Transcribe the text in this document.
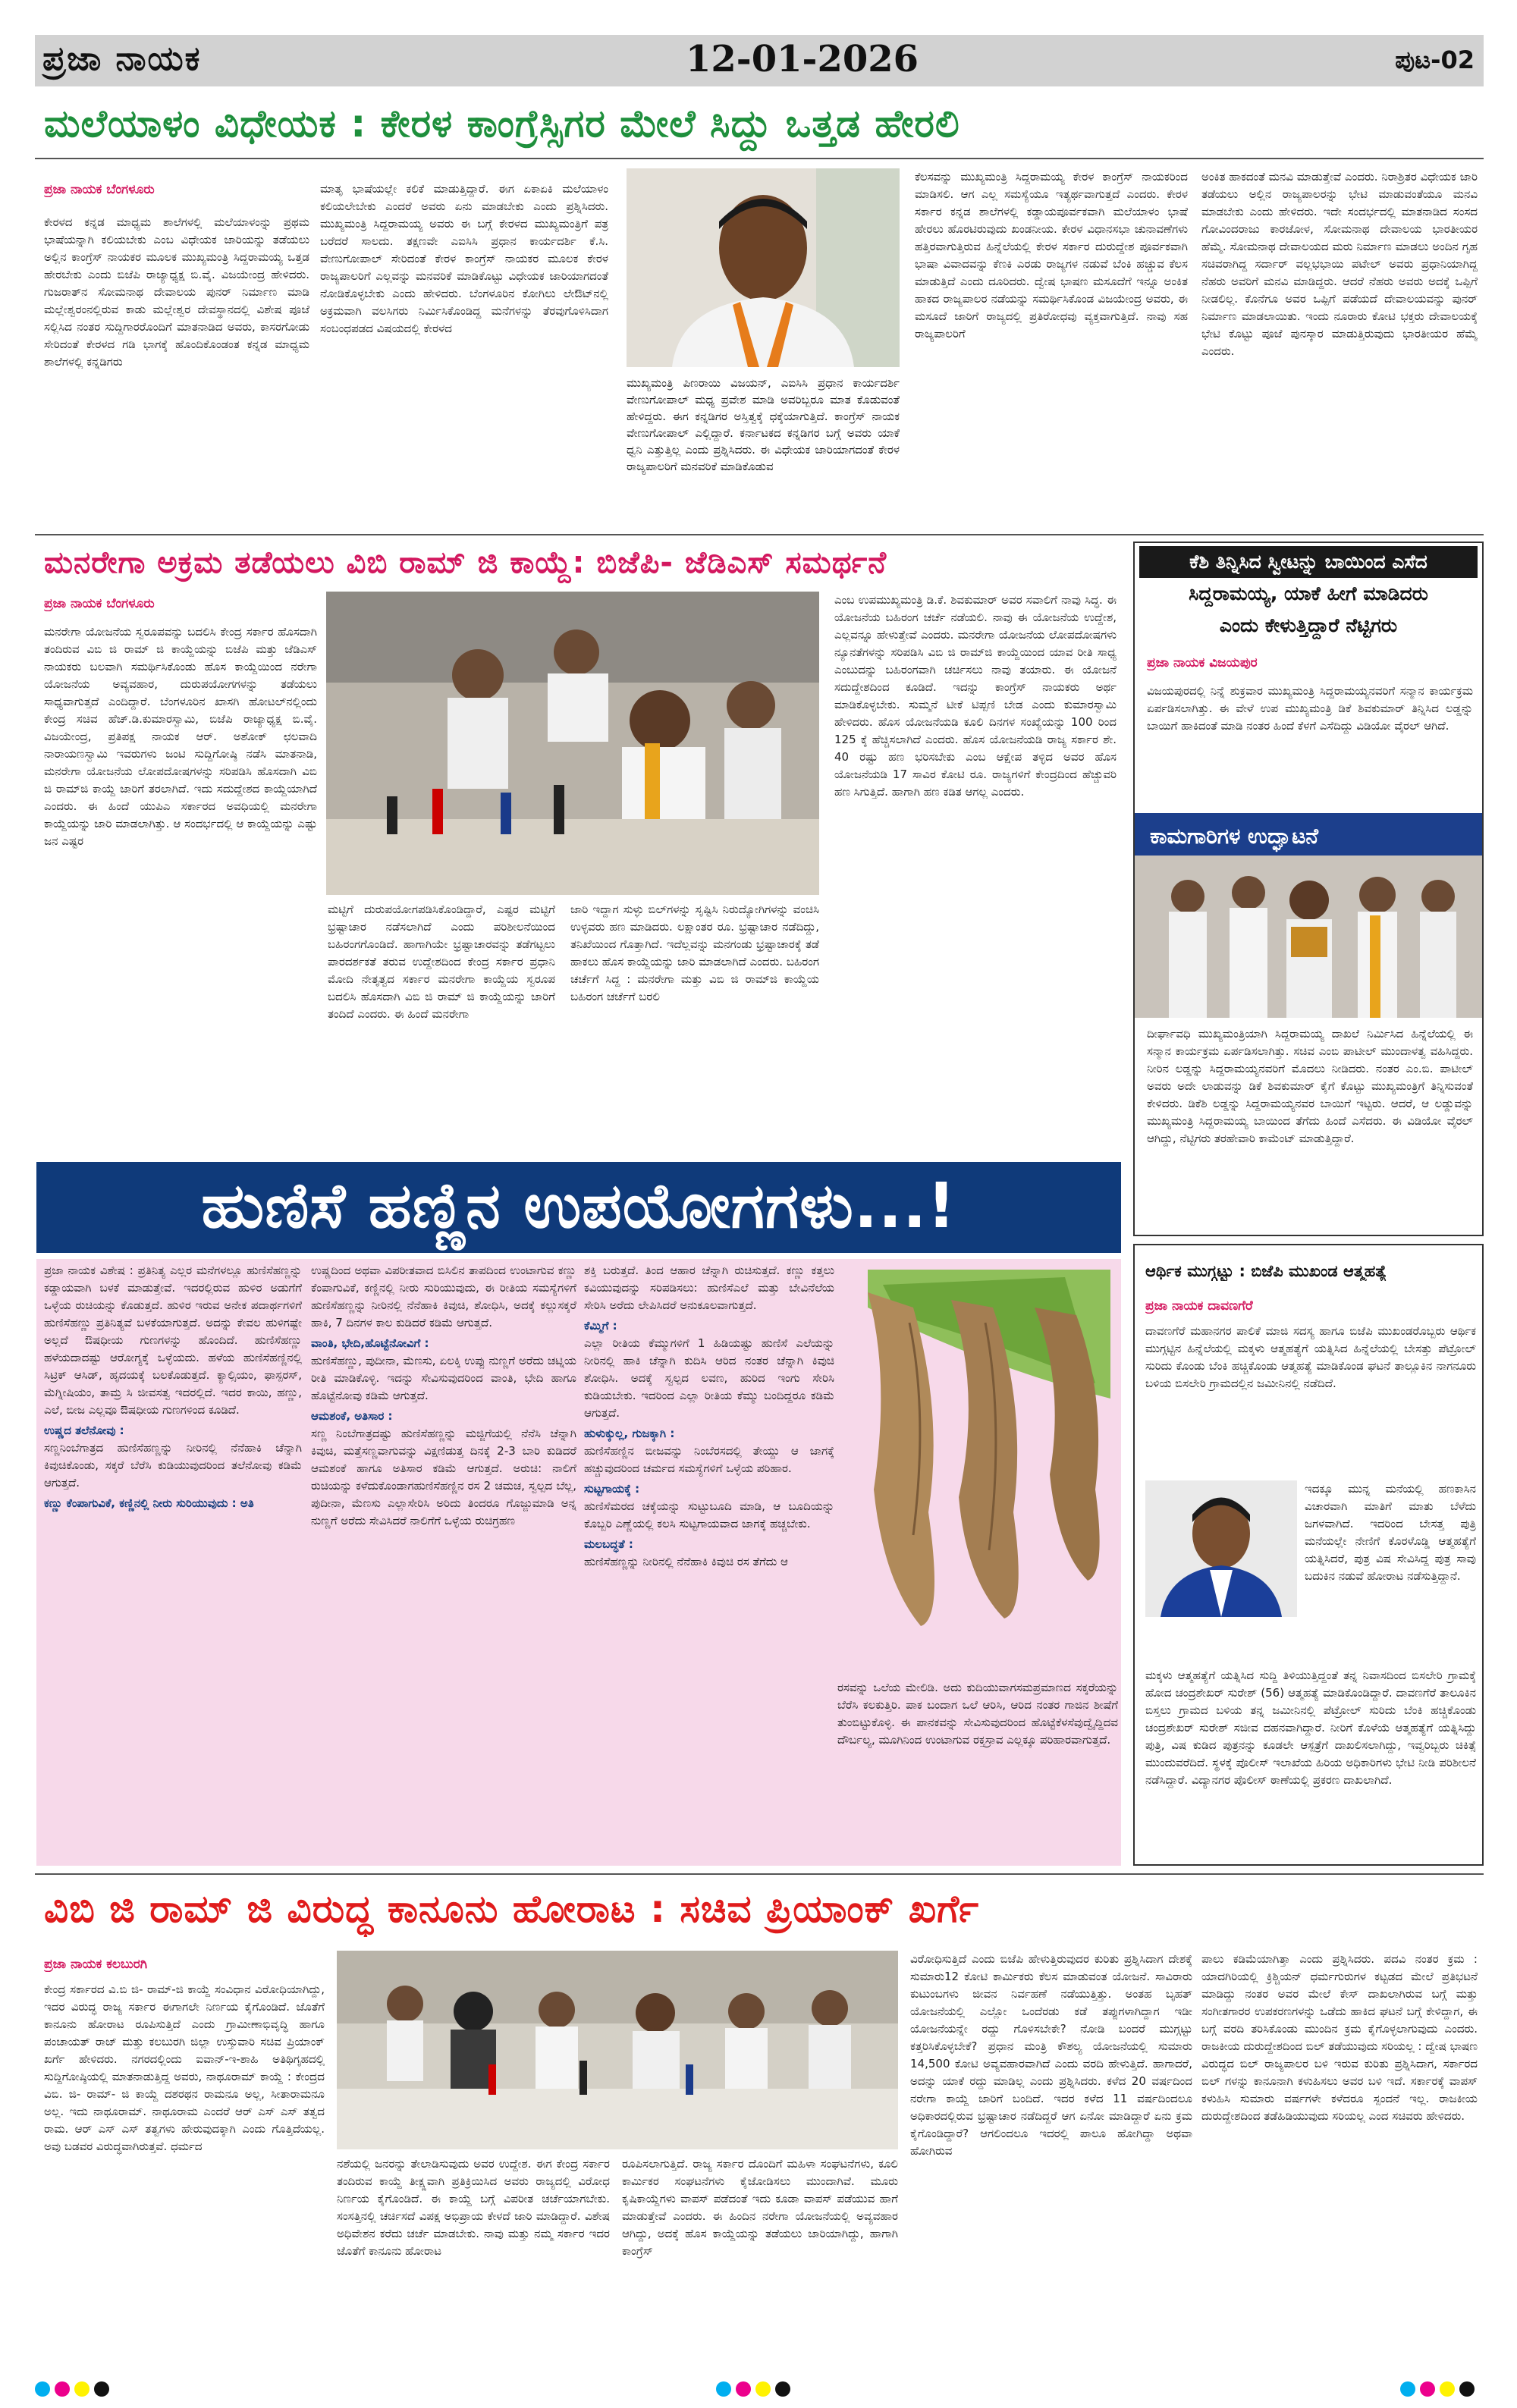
ಪ್ರಜಾ ನಾಯಕ	12-01-2026	ಪುಟ-02
ಮಲೆಯಾಳಂ ವಿಧೇಯಕ : ಕೇರಳ ಕಾಂಗ್ರೆಸ್ಸಿಗರ ಮೇಲೆ ಸಿದ್ದು ಒತ್ತಡ ಹೇರಲಿ
ಪ್ರಜಾ ನಾಯಕ ಬೆಂಗಳೂರು
ಕೇರಳದ ಕನ್ನಡ ಮಾಧ್ಯಮ ಶಾಲೆಗಳಲ್ಲಿ ಮಲೆಯಾಳಂನ್ನು ಪ್ರಥಮ ಭಾಷೆಯನ್ನಾಗಿ ಕಲಿಯಬೇಕು ಎಂಬ ವಿಧೇಯಕ ಜಾರಿಯನ್ನು ತಡೆಯಲು ಅಲ್ಲಿನ ಕಾಂಗ್ರೆಸ್ ನಾಯಕರ ಮೂಲಕ ಮುಖ್ಯಮಂತ್ರಿ ಸಿದ್ದರಾಮಯ್ಯ ಒತ್ತಡ ಹೇರಬೇಕು ಎಂದು ಬಿಜೆಪಿ ರಾಜ್ಯಾಧ್ಯಕ್ಷ ಬಿ.ವೈ. ವಿಜಯೇಂದ್ರ ಹೇಳಿದರು. ಗುಜರಾತ್‌ನ ಸೋಮನಾಥ ದೇವಾಲಯ ಪುನರ್ ನಿರ್ಮಾಣ ಮಾಡಿ ಮಲ್ಲೇಶ್ವರಂನಲ್ಲಿರುವ ಕಾಡು ಮಲ್ಲೇಶ್ವರ ದೇವಸ್ಥಾನದಲ್ಲಿ ವಿಶೇಷ ಪೂಜೆ ಸಲ್ಲಿಸಿದ ನಂತರ ಸುದ್ದಿಗಾರರೊಂದಿಗೆ ಮಾತನಾಡಿದ ಅವರು, ಕಾಸರಗೋಡು ಸೇರಿದಂತೆ ಕೇರಳದ ಗಡಿ ಭಾಗಕ್ಕೆ ಹೊಂದಿಕೊಂಡಂತ ಕನ್ನಡ ಮಾಧ್ಯಮ ಶಾಲೆಗಳಲ್ಲಿ ಕನ್ನಡಿಗರು
ಮಾತೃ ಭಾಷೆಯಲ್ಲೇ ಕಲಿಕೆ ಮಾಡುತ್ತಿದ್ದಾರೆ. ಈಗ ಏಕಾಏಕಿ ಮಲೆಯಾಳಂ ಕಲಿಯಲೇಬೇಕು ಎಂದರೆ ಅವರು ಏನು ಮಾಡಬೇಕು ಎಂದು ಪ್ರಶ್ನಿಸಿದರು. ಮುಖ್ಯಮಂತ್ರಿ ಸಿದ್ದರಾಮಯ್ಯ ಅವರು ಈ ಬಗ್ಗೆ ಕೇರಳದ ಮುಖ್ಯಮಂತ್ರಿಗೆ ಪತ್ರ ಬರೆದರೆ ಸಾಲದು. ತಕ್ಷಣವೇ ಎಐಸಿಸಿ ಪ್ರಧಾನ ಕಾರ್ಯದರ್ಶಿ ಕೆ.ಸಿ. ವೇಣುಗೋಪಾಲ್ ಸೇರಿದಂತೆ ಕೇರಳ ಕಾಂಗ್ರೆಸ್ ನಾಯಕರ ಮೂಲಕ ಕೇರಳ ರಾಜ್ಯಪಾಲರಿಗೆ ಎಲ್ಲವನ್ನು ಮನವರಿಕೆ ಮಾಡಿಕೊಟ್ಟು ವಿಧೇಯಕ ಜಾರಿಯಾಗದಂತೆ ನೋಡಿಕೊಳ್ಳಬೇಕು ಎಂದು ಹೇಳಿದರು. ಬೆಂಗಳೂರಿನ ಕೋಗಿಲು ಲೇಔಟ್‌ನಲ್ಲಿ ಅಕ್ರಮವಾಗಿ ವಲಸಿಗರು ನಿರ್ಮಿಸಿಕೊಂಡಿದ್ದ ಮನೆಗಳನ್ನು ತೆರವುಗೊಳಿಸಿದಾಗ ಸಂಬಂಧಪಡದ ವಿಷಯದಲ್ಲಿ ಕೇರಳದ
ಮುಖ್ಯಮಂತ್ರಿ ಪಿಣರಾಯಿ ವಿಜಯನ್, ಎಐಸಿಸಿ ಪ್ರಧಾನ ಕಾರ್ಯದರ್ಶಿ ವೇಣುಗೋಪಾಲ್ ಮಧ್ಯ ಪ್ರವೇಶ ಮಾಡಿ ಅವರಿಬ್ಬರೂ ಮಾತ ಕೊಡುವಂತೆ ಹೇಳಿದ್ದರು. ಈಗ ಕನ್ನಡಿಗರ ಅಸ್ತಿತ್ವಕ್ಕೆ ಧಕ್ಕೆಯಾಗುತ್ತಿದೆ. ಕಾಂಗ್ರೆಸ್ ನಾಯಕ ವೇಣುಗೋಪಾಲ್ ಎಲ್ಲಿದ್ದಾರೆ. ಕರ್ನಾಟಕದ ಕನ್ನಡಿಗರ ಬಗ್ಗೆ ಅವರು ಯಾಕೆ ಧ್ವನಿ ಎತ್ತುತ್ತಿಲ್ಲ ಎಂದು ಪ್ರಶ್ನಿಸಿದರು. ಈ ವಿಧೇಯಕ ಜಾರಿಯಾಗದಂತೆ ಕೇರಳ ರಾಜ್ಯಪಾಲರಿಗೆ ಮನವರಿಕೆ ಮಾಡಿಕೊಡುವ
ಕೆಲಸವನ್ನು ಮುಖ್ಯಮಂತ್ರಿ ಸಿದ್ದರಾಮಯ್ಯ ಕೇರಳ ಕಾಂಗ್ರೆಸ್ ನಾಯಕರಿಂದ ಮಾಡಿಸಲಿ. ಆಗ ಎಲ್ಲ ಸಮಸ್ಯೆಯೂ ಇತ್ಯರ್ಥವಾಗುತ್ತದೆ ಎಂದರು. ಕೇರಳ ಸರ್ಕಾರ ಕನ್ನಡ ಶಾಲೆಗಳಲ್ಲಿ ಕಡ್ಡಾಯಪೂರ್ವಕವಾಗಿ ಮಲೆಯಾಳಂ ಭಾಷೆ ಹೇರಲು ಹೊರಟಿರುವುದು ಖಂಡನೀಯ. ಕೇರಳ ವಿಧಾನಸಭಾ ಚುನಾವಣೆಗಳು ಹತ್ತಿರವಾಗುತ್ತಿರುವ ಹಿನ್ನೆಲೆಯಲ್ಲಿ ಕೇರಳ ಸರ್ಕಾರ ದುರುದ್ದೇಶ ಪೂರ್ವಕವಾಗಿ ಭಾಷಾ ವಿವಾದವನ್ನು ಕೆಣಕಿ ಎರಡು ರಾಜ್ಯಗಳ ನಡುವೆ ಬೆಂಕಿ ಹಚ್ಚುವ ಕೆಲಸ ಮಾಡುತ್ತಿದೆ ಎಂದು ದೂರಿದರು. ದ್ವೇಷ ಭಾಷಣ ಮಸೂದೆಗೆ ಇನ್ನೂ ಅಂಕಿತ ಹಾಕದ ರಾಜ್ಯಪಾಲರ ನಡೆಯನ್ನು ಸಮರ್ಥಿಸಿಕೊಂಡ ವಿಜಯೇಂದ್ರ ಅವರು, ಈ ಮಸೂದೆ ಜಾರಿಗೆ ರಾಜ್ಯದಲ್ಲಿ ಪ್ರತಿರೋಧವು ವ್ಯಕ್ತವಾಗುತ್ತಿದೆ. ನಾವು ಸಹ ರಾಜ್ಯಪಾಲರಿಗೆ
ಅಂಕಿತ ಹಾಕದಂತೆ ಮನವಿ ಮಾಡುತ್ತೇವೆ ಎಂದರು. ನಿರಾಶ್ರಿತರ ವಿಧೇಯಕ ಜಾರಿ ತಡೆಯಲು ಅಲ್ಲಿನ ರಾಜ್ಯಪಾಲರನ್ನು ಭೇಟಿ ಮಾಡುವಂತೆಯೂ ಮನವಿ ಮಾಡಬೇಕು ಎಂದು ಹೇಳಿದರು. ಇದೇ ಸಂದರ್ಭದಲ್ಲಿ ಮಾತನಾಡಿದ ಸಂಸದ ಗೋವಿಂದರಾಜು ಕಾರಜೋಳ, ಸೋಮನಾಥ ದೇವಾಲಯ ಭಾರತೀಯರ ಹೆಮ್ಮೆ. ಸೋಮನಾಥ ದೇವಾಲಯದ ಮರು ನಿರ್ಮಾಣ ಮಾಡಲು ಅಂದಿನ ಗೃಹ ಸಚಿವರಾಗಿದ್ದ ಸರ್ದಾರ್ ವಲ್ಲಭಭಾಯಿ ಪಟೇಲ್ ಅವರು ಪ್ರಧಾನಿಯಾಗಿದ್ದ ನೆಹರು ಅವರಿಗೆ ಮನವಿ ಮಾಡಿದ್ದರು. ಆದರೆ ನೆಹರು ಅವರು ಅದಕ್ಕೆ ಒಪ್ಪಿಗೆ ನೀಡಲಿಲ್ಲ. ಕೊನೆಗೂ ಅವರ ಒಪ್ಪಿಗೆ ಪಡೆಯದೆ ದೇವಾಲಯವನ್ನು ಪುನರ್ ನಿರ್ಮಾಣ ಮಾಡಲಾಯಿತು. ಇಂದು ನೂರಾರು ಕೋಟಿ ಭಕ್ತರು ದೇವಾಲಯಕ್ಕೆ ಭೇಟಿ ಕೊಟ್ಟು ಪೂಜೆ ಪುನಸ್ಕಾರ ಮಾಡುತ್ತಿರುವುದು ಭಾರತೀಯರ ಹೆಮ್ಮೆ ಎಂದರು.
ಮನರೇಗಾ ಅಕ್ರಮ ತಡೆಯಲು ವಿಬಿ ರಾಮ್ ಜಿ ಕಾಯ್ದೆ: ಬಿಜೆಪಿ- ಜೆಡಿಎಸ್ ಸಮರ್ಥನೆ
ಪ್ರಜಾ ನಾಯಕ ಬೆಂಗಳೂರು
ಮನರೇಗಾ ಯೋಜನೆಯ ಸ್ವರೂಪವನ್ನು ಬದಲಿಸಿ ಕೇಂದ್ರ ಸರ್ಕಾರ ಹೊಸದಾಗಿ ತಂದಿರುವ ವಿಬಿ ಜಿ ರಾಮ್ ಜಿ ಕಾಯ್ದೆಯನ್ನು ಬಿಜೆಪಿ ಮತ್ತು ಜೆಡಿಎಸ್ ನಾಯಕರು ಬಲವಾಗಿ ಸಮರ್ಥಿಸಿಕೊಂಡು ಹೊಸ ಕಾಯ್ದೆಯಿಂದ ನರೇಗಾ ಯೋಜನೆಯ ಅವ್ಯವಹಾರ, ದುರುಪಯೋಗಗಳನ್ನು ತಡೆಯಲು ಸಾಧ್ಯವಾಗುತ್ತದೆ ಎಂದಿದ್ದಾರೆ. ಬೆಂಗಳೂರಿನ ಖಾಸಗಿ ಹೋಟಲ್‌ನಲ್ಲಿಂದು ಕೇಂದ್ರ ಸಚಿವ ಹೆಚ್.ಡಿ.ಕುಮಾರಸ್ವಾಮಿ, ಬಿಜೆಪಿ ರಾಜ್ಯಾಧ್ಯಕ್ಷ ಬಿ.ವೈ. ವಿಜಯೇಂದ್ರ, ಪ್ರತಿಪಕ್ಷ ನಾಯಕ ಆರ್. ಅಶೋಕ್ ಛಲವಾದಿ ನಾರಾಯಣಸ್ವಾಮಿ ಇವರುಗಳು ಜಂಟಿ ಸುದ್ದಿಗೋಷ್ಠಿ ನಡೆಸಿ ಮಾತನಾಡಿ, ಮನರೇಗಾ ಯೋಜನೆಯ ಲೋಪದೋಷಗಳನ್ನು ಸರಿಪಡಿಸಿ ಹೊಸದಾಗಿ ವಿಬಿ ಜಿ ರಾಮ್‌ಜಿ ಕಾಯ್ದೆ ಜಾರಿಗೆ ತರಲಾಗಿದೆ. ಇದು ಸದುದ್ದೇಶದ ಕಾಯ್ದೆಯಾಗಿದೆ ಎಂದರು. ಈ ಹಿಂದೆ ಯುಪಿಎ ಸರ್ಕಾರದ ಅವಧಿಯಲ್ಲಿ ಮನರೇಗಾ ಕಾಯ್ದೆಯನ್ನು ಜಾರಿ ಮಾಡಲಾಗಿತ್ತು. ಆ ಸಂದರ್ಭದಲ್ಲಿ ಆ ಕಾಯ್ದೆಯನ್ನು ಎಷ್ಟು ಜನ ಎಷ್ಟರ
ಮಟ್ಟಿಗೆ ದುರುಪಯೋಗಪಡಿಸಿಕೊಂಡಿದ್ದಾರೆ, ಎಷ್ಟರ ಮಟ್ಟಿಗೆ ಭ್ರಷ್ಟಾಚಾರ ನಡೆಸಲಾಗಿದೆ ಎಂದು ಪರಿಶೀಲನೆಯಿಂದ ಬಹಿರಂಗಗೊಂಡಿದೆ. ಹಾಗಾಗಿಯೇ ಭ್ರಷ್ಟಾಚಾರವನ್ನು ತಡೆಗಟ್ಟಲು ಪಾರದರ್ಶಕತೆ ತರುವ ಉದ್ದೇಶದಿಂದ ಕೇಂದ್ರ ಸರ್ಕಾರ ಪ್ರಧಾನಿ ಮೋದಿ ನೇತೃತ್ವದ ಸರ್ಕಾರ ಮನರೇಗಾ ಕಾಯ್ದೆಯ ಸ್ವರೂಪ ಬದಲಿಸಿ ಹೊಸದಾಗಿ ವಿಬಿ ಜಿ ರಾಮ್ ಜಿ ಕಾಯ್ದೆಯನ್ನು ಜಾರಿಗೆ ತಂದಿದೆ ಎಂದರು. ಈ ಹಿಂದೆ ಮನರೇಗಾ
ಜಾರಿ ಇದ್ದಾಗ ಸುಳ್ಳು ಬಿಲ್‌ಗಳನ್ನು ಸೃಷ್ಟಿಸಿ ನಿರುದ್ಯೋಗಿಗಳನ್ನು ವಂಚಿಸಿ ಉಳ್ಳವರು ಹಣ ಮಾಡಿದರು. ಲಕ್ಷಾಂತರ ರೂ. ಭ್ರಷ್ಟಾಚಾರ ನಡೆದಿದ್ದು, ತನಿಖೆಯಿಂದ ಗೊತ್ತಾಗಿದೆ. ಇದೆಲ್ಲವನ್ನು ಮನಗಂಡು ಭ್ರಷ್ಟಾಚಾರಕ್ಕೆ ತಡೆ ಹಾಕಲು ಹೊಸ ಕಾಯ್ದೆಯನ್ನು ಜಾರಿ ಮಾಡಲಾಗಿದೆ ಎಂದರು. ಬಹಿರಂಗ ಚರ್ಚೆಗೆ ಸಿದ್ದ : ಮನರೇಗಾ ಮತ್ತು ವಿಬಿ ಜಿ ರಾಮ್‌ಜಿ ಕಾಯ್ದೆಯ ಬಹಿರಂಗ ಚರ್ಚೆಗೆ ಬರಲಿ
ಎಂಬ ಉಪಮುಖ್ಯಮಂತ್ರಿ ಡಿ.ಕೆ. ಶಿವಕುಮಾರ್ ಅವರ ಸವಾಲಿಗೆ ನಾವು ಸಿದ್ಧ. ಈ ಯೋಜನೆಯ ಬಹಿರಂಗ ಚರ್ಚೆ ನಡೆಯಲಿ. ನಾವು ಈ ಯೋಜನೆಯ ಉದ್ದೇಶ, ಎಲ್ಲವನ್ನೂ ಹೇಳುತ್ತೇವೆ ಎಂದರು. ಮನರೇಗಾ ಯೋಜನೆಯ ಲೋಪದೋಷಗಳು ನ್ಯೂನತೆಗಳನ್ನು ಸರಿಪಡಿಸಿ ವಿಬಿ ಜಿ ರಾಮ್‌ಜಿ ಕಾಯ್ದೆಯಿಂದ ಯಾವ ರೀತಿ ಸಾಧ್ಯ ಎಂಬುದನ್ನು ಬಹಿರಂಗವಾಗಿ ಚರ್ಚಿಸಲು ನಾವು ತಯಾರು. ಈ ಯೋಜನೆ ಸದುದ್ದೇಶದಿಂದ ಕೂಡಿದೆ. ಇದನ್ನು ಕಾಂಗ್ರೆಸ್ ನಾಯಕರು ಅರ್ಥ ಮಾಡಿಕೊಳ್ಳಬೇಕು. ಸುಮ್ಮನೆ ಟೀಕೆ ಟಿಪ್ಪಣಿ ಬೇಡ ಎಂದು ಕುಮಾರಸ್ವಾಮಿ ಹೇಳಿದರು. ಹೊಸ ಯೋಜನೆಯಡಿ ಕೂಲಿ ದಿನಗಳ ಸಂಖ್ಯೆಯನ್ನು 100 ರಿಂದ 125 ಕ್ಕೆ ಹೆಚ್ಚಿಸಲಾಗಿದೆ ಎಂದರು. ಹೊಸ ಯೋಜನೆಯಡಿ ರಾಜ್ಯ ಸರ್ಕಾರ ಶೇ. 40 ರಷ್ಟು ಹಣ ಭರಿಸಬೇಕು ಎಂಬ ಆಕ್ಷೇಪ ತಳ್ಳಿದ ಅವರ ಹೊಸ ಯೋಜನೆಯಡಿ 17 ಸಾವಿರ ಕೋಟಿ ರೂ. ರಾಜ್ಯಗಳಿಗೆ ಕೇಂದ್ರದಿಂದ ಹೆಚ್ಚುವರಿ ಹಣ ಸಿಗುತ್ತಿದೆ. ಹಾಗಾಗಿ ಹಣ ಕಡಿತ ಆಗಲ್ಲ ಎಂದರು.
ಕೆಶಿ ತಿನ್ನಿಸಿದ ಸ್ವೀಟನ್ನು ಬಾಯಿಂದ ಎಸೆದ
ಸಿದ್ದರಾಮಯ್ಯ, ಯಾಕೆ ಹೀಗೆ ಮಾಡಿದರು
ಎಂದು ಕೇಳುತ್ತಿದ್ದಾರೆ ನೆಟ್ಟಿಗರು
ಪ್ರಜಾ ನಾಯಕ ವಿಜಯಪುರ
ವಿಜಯಪುರದಲ್ಲಿ ನಿನ್ನೆ ಶುಕ್ರವಾರ ಮುಖ್ಯಮಂತ್ರಿ ಸಿದ್ದರಾಮಯ್ಯನವರಿಗೆ ಸನ್ಮಾನ ಕಾರ್ಯಕ್ರಮ ಏರ್ಪಡಿಸಲಾಗಿತ್ತು. ಈ ವೇಳೆ ಉಪ ಮುಖ್ಯಮಂತ್ರಿ ಡಿಕೆ ಶಿವಕುಮಾರ್ ತಿನ್ನಿಸಿದ ಲಡ್ಡನ್ನು ಬಾಯಿಗೆ ಹಾಕಿದಂತೆ ಮಾಡಿ ನಂತರ ಹಿಂದೆ ಕೆಳಗೆ ಎಸೆದಿದ್ದು ವಿಡಿಯೋ ವೈರಲ್ ಆಗಿದೆ.
ಕಾಮಗಾರಿಗಳ ಉದ್ಘಾಟನೆ
ದೀರ್ಘಾವಧಿ ಮುಖ್ಯಮಂತ್ರಿಯಾಗಿ ಸಿದ್ದರಾಮಯ್ಯ ದಾಖಲೆ ನಿರ್ಮಿಸಿದ ಹಿನ್ನೆಲೆಯಲ್ಲಿ ಈ ಸನ್ಮಾನ ಕಾರ್ಯಕ್ರಮ ಏರ್ಪಡಿಸಲಾಗಿತ್ತು. ಸಚಿವ ಎಂಬಿ ಪಾಟೀಲ್ ಮುಂದಾಳತ್ವ ವಹಿಸಿದ್ದರು. ನೀರಿನ ಲಡ್ಡನ್ನು ಸಿದ್ದರಾಮಯ್ಯನವರಿಗೆ ಮೊದಲು ನೀಡಿದರು. ನಂತರ ಎಂ.ಬಿ. ಪಾಟೀಲ್ ಅವರು ಅದೇ ಲಾಡುವನ್ನು ಡಿಕೆ ಶಿವಕುಮಾರ್ ಕೈಗೆ ಕೊಟ್ಟು ಮುಖ್ಯಮಂತ್ರಿಗೆ ತಿನ್ನಿಸುವಂತೆ ಕೇಳಿದರು. ಡಿಕೆಶಿ ಲಡ್ಡನ್ನು ಸಿದ್ದರಾಮಯ್ಯನವರ ಬಾಯಿಗೆ ಇಟ್ಟರು. ಆದರೆ, ಆ ಲಡ್ಡುವನ್ನು ಮುಖ್ಯಮಂತ್ರಿ ಸಿದ್ದರಾಮಯ್ಯ ಬಾಯಿಂದ ತೆಗೆದು ಹಿಂದೆ ಎಸೆದರು. ಈ ವಿಡಿಯೋ ವೈರಲ್ ಆಗಿದ್ದು, ನೆಟ್ಟಿಗರು ತರಹೇವಾರಿ ಕಾಮೆಂಟ್ ಮಾಡುತ್ತಿದ್ದಾರೆ.
ಹುಣಿಸೆ ಹಣ್ಣಿನ ಉಪಯೋಗಗಳು...!
ಪ್ರಜಾ ನಾಯಕ ವಿಶೇಷ : ಪ್ರತಿನಿತ್ಯ ಎಲ್ಲರ ಮನೆಗಳಲ್ಲೂ ಹುಣಿಸೆಹಣ್ಣನ್ನು ಕಡ್ಡಾಯವಾಗಿ ಬಳಕೆ ಮಾಡುತ್ತೇವೆ. ಇದರಲ್ಲಿರುವ ಹುಳಿರ ಅಡುಗೆಗೆ ಒಳ್ಳೆಯ ರುಚಿಯನ್ನು ಕೊಡುತ್ತದೆ. ಹುಳಿರ ಇರುವ ಅನೇಕ ಪದಾರ್ಥಗಳಿಗೆ ಹುಣಿಸೆಹಣ್ಣು ಪ್ರತಿನಿತ್ಯವೆ ಬಳಕೆಯಾಗುತ್ತದೆ. ಅದನ್ನು ಕೇವಲ ಹುಳಿಗಷ್ಟೇ ಅಲ್ಲದೆ ಔಷಧೀಯ ಗುಣಗಳನ್ನು ಹೊಂದಿದೆ. ಹುಣಿಸೆಹಣ್ಣು ಹಳೆಯದಾದಷ್ಟು ಆರೋಗ್ಯಕ್ಕೆ ಒಳ್ಳೆಯದು. ಹಳೆಯ ಹುಣಿಸೆಹಣ್ಣಿನಲ್ಲಿ ಸಿಟ್ರಿಕ್ ಆಸಿಡ್, ಹೃದಯಕ್ಕೆ ಬಲಕೊಡುತ್ತದೆ. ಕ್ಯಾಲ್ಸಿಯಂ, ಫಾಸ್ಪರಸ್, ಮೆಗ್ನೀಷಿಯಂ, ತಾಮ್ರ ಸಿ ಜೀವಸತ್ವ ಇದರಲ್ಲಿದೆ. ಇದರ ಕಾಯಿ, ಹಣ್ಣು, ಎಲೆ, ಬೀಜ ಎಲ್ಲವೂ ಔಷಧೀಯ ಗುಣಗಳಿಂದ ಕೂಡಿದೆ.
ಉಷ್ಣದ ತಲೆನೋವು :
ಸಣ್ಣನಿಂಬೆಗಾತ್ರದ ಹುಣಿಸೆಹಣ್ಣನ್ನು ನೀರಿನಲ್ಲಿ ನೆನೆಹಾಕಿ ಚೆನ್ನಾಗಿ ಕಿವುಚಿಕೊಂಡು, ಸಕ್ಕರೆ ಬೆರೆಸಿ ಕುಡಿಯುವುದರಿಂದ ತಲೆನೋವು ಕಡಿಮೆ ಆಗುತ್ತದೆ.
ಕಣ್ಣು ಕೆಂಪಾಗುವಿಕೆ, ಕಣ್ಣಿನಲ್ಲಿ ನೀರು ಸುರಿಯುವುದು : ಅತಿ
ಉಷ್ಣದಿಂದ ಅಥವಾ ವಿಪರೀತವಾದ ಬಿಸಿಲಿನ ತಾಪದಿಂದ ಉಂಟಾಗುವ ಕಣ್ಣು ಕೆಂಪಾಗುವಿಕೆ, ಕಣ್ಣಿನಲ್ಲಿ ನೀರು ಸುರಿಯುವುದು, ಈ ರೀತಿಯ ಸಮಸ್ಯೆಗಳಿಗೆ ಹುಣಿಸೆಹಣ್ಣನ್ನು ನೀರಿನಲ್ಲಿ ನೆನೆಹಾಕಿ ಕಿವುಚಿ, ಶೋಧಿಸಿ, ಅದಕ್ಕೆ ಕಲ್ಲುಸಕ್ಕರೆ ಹಾಕಿ, 7 ದಿನಗಳ ಕಾಲ ಕುಡಿದರೆ ಕಡಿಮೆ ಆಗುತ್ತದೆ.
ವಾಂತಿ, ಭೇದಿ,ಹೊಟ್ಟೆನೋವಿಗೆ :
ಹುಣಿಸೆಹಣ್ಣು, ಪುದೀನಾ, ಮೆಣಸು, ಏಲಕ್ಕಿ ಉಪ್ಪು ನುಣ್ಣಗೆ ಅರೆದು ಚಟ್ನಿಯ ರೀತಿ ಮಾಡಿಕೊಳ್ಳಿ. ಇದನ್ನು ಸೇವಿಸುವುದರಿಂದ ವಾಂತಿ, ಭೇದಿ ಹಾಗೂ ಹೊಟ್ಟೆನೋವು ಕಡಿಮೆ ಆಗುತ್ತದೆ.
ಆಮಶಂಕೆ, ಅತಿಸಾರ :
ಸಣ್ಣ ನಿಂಬೆಗಾತ್ರದಷ್ಟು ಹುಣಿಸೆಹಣ್ಣನ್ನು ಮಜ್ಜಿಗೆಯಲ್ಲಿ ನೆನೆಸಿ ಚೆನ್ನಾಗಿ ಕಿವುಚಿ, ಮತ್ತೆಸಣ್ಣವಾಗುವನ್ನು ವಿಕ್ಷಣಿಡುತ್ತ ದಿನಕ್ಕೆ 2-3 ಬಾರಿ ಕುಡಿದರೆ ಆಮಶಂಕೆ ಹಾಗೂ ಅತಿಸಾರ ಕಡಿಮೆ ಆಗುತ್ತದೆ. ಅರುಚಿ: ನಾಲಿಗೆ ರುಚಿಯನ್ನು ಕಳೆದುಕೊಂಡಾಗಹುಣಿಸೆಹಣ್ಣಿನ ರಸ 2 ಚಮಚ, ಸ್ವಲ್ಪದ ಬೆಲ್ಲ, ಪುದೀನಾ, ಮೆಣಸು ಎಲ್ಲಾಸೇರಿಸಿ ಅರಿದು ತಿಂದರೂ ಗೊಜ್ಜುಮಾಡಿ ಅನ್ನ ನುಣ್ಣಗೆ ಅರೆದು ಸೇವಿಸಿದರೆ ನಾಲಿಗೆಗೆ ಒಳ್ಳೆಯ ರುಚಿಗ್ರಹಣ
ಶಕ್ತಿ ಬರುತ್ತದೆ. ತಿಂದ ಆಹಾರ ಚೆನ್ನಾಗಿ ರುಚಿಸುತ್ತದೆ. ಕಣ್ಣು ಕತ್ತಲು ಕವಿಯುವುದನ್ನು ಸರಿಪಡಿಸಲು: ಹುಣಿಸೆಎಲೆ ಮತ್ತು ಬೇವಿನೆಲೆಯ ಸೇರಿಸಿ ಅರೆದು ಲೇಪಿಸಿದರೆ ಅನುಕೂಲವಾಗುತ್ತದೆ.
ಕೆಮ್ಮಿಗೆ :
ಎಲ್ಲಾ ರೀತಿಯ ಕೆಮ್ಮುಗಳಿಗೆ 1 ಹಿಡಿಯಷ್ಟು ಹುಣಿಸೆ ಎಲೆಯನ್ನು ನೀರಿನಲ್ಲಿ ಹಾಕಿ ಚೆನ್ನಾಗಿ ಕುದಿಸಿ ಆರಿದ ನಂತರ ಚೆನ್ನಾಗಿ ಕಿವುಚಿ ಶೋಧಿಸಿ. ಅದಕ್ಕೆ ಸ್ವಲ್ಪದ ಲವಣ, ಹುರಿದ ಇಂಗು ಸೇರಿಸಿ ಕುಡಿಯಬೇಕು. ಇದರಿಂದ ಎಲ್ಲಾ ರೀತಿಯ ಕೆಮ್ಮು ಬಂದಿದ್ದರೂ ಕಡಿಮೆ ಆಗುತ್ತದೆ.
ಹುಳುಕ್ಕುಲ್ಲ, ಗುಜಕ್ಕಾಗಿ :
ಹುಣಿಸೆಹಣ್ಣಿನ ಬೀಜವನ್ನು ನಿಂಬೆರಸದಲ್ಲಿ ತೇಯ್ದು ಆ ಜಾಗಕ್ಕೆ ಹಚ್ಚುವುದರಿಂದ ಚರ್ಮದ ಸಮಸ್ಯೆಗಳಿಗೆ ಒಳ್ಳೆಯ ಪರಿಹಾರ.
ಸುಟ್ಟಗಾಯಕ್ಕೆ :
ಹುಣಿಸೆಮರದ ಚಕ್ಕೆಯನ್ನು ಸುಟ್ಟುಬೂದಿ ಮಾಡಿ, ಆ ಬೂದಿಯನ್ನು ಕೊಬ್ಬರಿ ಎಣ್ಣೆಯಲ್ಲಿ ಕಲಸಿ ಸುಟ್ಟಗಾಯವಾದ ಜಾಗಕ್ಕೆ ಹಚ್ಚಬೇಕು.
ಮಲಬದ್ಧತೆ :
ಹುಣಿಸೆಹಣ್ಣನ್ನು ನೀರಿನಲ್ಲಿ ನೆನೆಹಾಕಿ ಕಿವುಚಿ ರಸ ತೆಗೆದು ಆ
ರಸವನ್ನು ಒಲೆಯ ಮೇಲಿಡಿ. ಅದು ಕುದಿಯುವಾಗಸಮಪ್ರಮಾಣದ ಸಕ್ಕರೆಯನ್ನು ಬೆರೆಸಿ ಕಲಕುತ್ತಿರಿ. ಪಾಕ ಬಂದಾಗ ಒಲೆ ಆರಿಸಿ, ಆರಿದ ನಂತರ ಗಾಜಿನ ಶೀಷೆಗೆ ತುಂಬಿಟ್ಟುಕೊಳ್ಳಿ. ಈ ಪಾನಕವನ್ನು ಸೇವಿಸುವುದರಿಂದ ಹೊಟ್ಟೆಕೆಳಸೆವುದ್ವೈದ್ದಿದವ ದೌರ್ಬಲ್ಯ, ಮೂಗಿನಿಂದ ಉಂಟಾಗುವ ರಕ್ತಸ್ರಾವ ಎಲ್ಲಕ್ಕೂ ಪರಿಹಾರವಾಗುತ್ತದೆ.
ಆರ್ಥಿಕ ಮುಗ್ಗಟ್ಟು : ಬಿಜೆಪಿ ಮುಖಂಡ ಆತ್ಮಹತ್ಯೆ
ಪ್ರಜಾ ನಾಯಕ ದಾವಣಗೆರೆ
ದಾವಣಗೆರೆ ಮಹಾನಗರ ಪಾಲಿಕೆ ಮಾಜಿ ಸದಸ್ಯ ಹಾಗೂ ಬಿಜೆಪಿ ಮುಖಂಡರೊಬ್ಬರು ಆರ್ಥಿಕ ಮುಗ್ಗಟ್ಟಿನ ಹಿನ್ನೆಲೆಯಲ್ಲಿ ಮಕ್ಕಳು ಆತ್ಮಹತ್ಯೆಗೆ ಯತ್ನಿಸಿದ ಹಿನ್ನೆಲೆಯಲ್ಲಿ ಬೇಸತ್ತು ಪೆಟ್ರೋಲ್ ಸುರಿದು ಕೊಂಡು ಬೆಂಕಿ ಹಚ್ಚಿಕೊಂಡು ಆತ್ಮಹತ್ಯೆ ಮಾಡಿಕೊಂಡ ಘಟನೆ ತಾಲ್ಲೂಕಿನ ನಾಗನೂರು ಬಳಿಯ ಬಿಸಲೇರಿ ಗ್ರಾಮದಲ್ಲಿನ ಜಮೀನಿನಲ್ಲಿ ನಡೆದಿದೆ.
ಇದಕ್ಕೂ ಮುನ್ನ ಮನೆಯಲ್ಲಿ ಹಣಕಾಸಿನ ವಿಚಾರವಾಗಿ ಮಾತಿಗೆ ಮಾತು ಬೆಳೆದು ಜಗಳವಾಗಿದೆ. ಇದರಿಂದ ಬೇಸತ್ತ ಪುತ್ರಿ ಮನೆಯಲ್ಲೇ ನೇಣಿಗೆ ಕೊರಳೊಡ್ಡಿ ಆತ್ಮಹತ್ಯೆಗೆ ಯತ್ನಿಸಿದರೆ, ಪುತ್ರ ವಿಷ ಸೇವಿಸಿದ್ದ ಪುತ್ರ ಸಾವು ಬದುಕಿನ ನಡುವೆ ಹೋರಾಟ ನಡೆಸುತ್ತಿದ್ದಾನೆ.
ಮಕ್ಕಳು ಆತ್ಮಹತ್ಯೆಗೆ ಯತ್ನಿಸಿದ ಸುದ್ದಿ ತಿಳಿಯುತ್ತಿದ್ದಂತೆ ತನ್ನ ನಿವಾಸದಿಂದ ಬಿಸಲೇರಿ ಗ್ರಾಮಕ್ಕೆ ಹೋದ ಚಂದ್ರಶೇಖರ್ ಸುರೇಶ್ (56) ಆತ್ಮಹತ್ಯೆ ಮಾಡಿಕೊಂಡಿದ್ದಾರೆ. ದಾವಣಗೆರೆ ತಾಲೂಕಿನ ಬಿಸ್ತಲು ಗ್ರಾಮದ ಬಳಿಯ ತನ್ನ ಜಮೀನಿನಲ್ಲಿ ಪೆಟ್ರೋಲ್ ಸುರಿದು ಬೆಂಕಿ ಹಚ್ಚಿಕೊಂಡು ಚಂದ್ರಶೇಖರ್ ಸುರೇಶ್ ಸಜೀವ ದಹನವಾಗಿದ್ದಾರೆ. ನೀರಿಗೆ ಕೊಳೆಯೆ ಆತ್ಮಹತ್ಯೆಗೆ ಯತ್ನಿಸಿದ್ದು ಪುತ್ರಿ, ವಿಷ ಕುಡಿದ ಪುತ್ರನನ್ನು ಕೂಡಲೇ ಆಸ್ಪತ್ರೆಗೆ ದಾಖಲಿಸಲಾಗಿದ್ದು, ಇವ್ವರಿಬ್ಬರು ಚಿಕಿತ್ಸೆ ಮುಂದುವರೆದಿದೆ. ಸ್ಥಳಕ್ಕೆ ಪೊಲೀಸ್ ಇಲಾಖೆಯ ಹಿರಿಯ ಅಧಿಕಾರಿಗಳು ಭೇಟಿ ನೀಡಿ ಪರಿಶೀಲನೆ ನಡೆಸಿದ್ದಾರೆ. ವಿದ್ಯಾನಗರ ಪೊಲೀಸ್ ಠಾಣೆಯಲ್ಲಿ ಪ್ರಕರಣ ದಾಖಲಾಗಿದೆ.
ವಿಬಿ ಜಿ ರಾಮ್ ಜಿ ವಿರುದ್ಧ ಕಾನೂನು ಹೋರಾಟ : ಸಚಿವ ಪ್ರಿಯಾಂಕ್ ಖರ್ಗೆ
ಪ್ರಜಾ ನಾಯಕ ಕಲಬುರಗಿ
ಕೇಂದ್ರ ಸರ್ಕಾರದ ವಿ.ಬಿ ಜಿ- ರಾಮ್-ಜಿ ಕಾಯ್ದೆ ಸಂವಿಧಾನ ವಿರೋಧಿಯಾಗಿದ್ದು, ಇದರ ವಿರುದ್ಧ ರಾಜ್ಯ ಸರ್ಕಾರ ಈಗಾಗಲೇ ನಿರ್ಣಯ ಕೈಗೊಂಡಿದೆ. ಜೊತೆಗೆ ಕಾನೂನು ಹೋರಾಟ ರೂಪಿಸುತ್ತಿದೆ ಎಂದು ಗ್ರಾಮೀಣಾಭಿವೃದ್ಧಿ ಹಾಗೂ ಪಂಚಾಯತ್ ರಾಜ್ ಮತ್ತು ಕಲಬುರಗಿ ಜಿಲ್ಲಾ ಉಸ್ತುವಾರಿ ಸಚಿವ ಪ್ರಿಯಾಂಕ್ ಖರ್ಗೆ ಹೇಳಿದರು. ನಗರದಲ್ಲಿಂದು ಐವಾನ್-ಇ-ಶಾಹಿ ಅತಿಥಿಗೃಹದಲ್ಲಿ ಸುದ್ದಿಗೋಷ್ಠಿಯಲ್ಲಿ ಮಾತನಾಡುತ್ತಿದ್ದ ಅವರು, ನಾಥೂರಾಮ್ ಕಾಯ್ದೆ : ಕೇಂದ್ರದ ವಿಬಿ. ಜಿ- ರಾಮ್- ಜಿ ಕಾಯ್ದೆ ದಶರಥನ ರಾಮನೂ ಅಲ್ಲ, ಸೀತಾರಾಮನೂ ಅಲ್ಲ. ಇದು ನಾಥೂರಾಮ್. ನಾಥೂರಾಮ ಎಂದರೆ ಆರ್ ಎಸ್ ಎಸ್ ತತ್ವದ ರಾಮ. ಆರ್ ಎಸ್ ಎಸ್ ತತ್ವಗಳು ಹೇರುವುದಕ್ಕಾಗಿ ಎಂದು ಗೊತ್ತಿದೆಯಲ್ಲ. ಅವು ಬಡವರ ವಿರುದ್ಧವಾಗಿರುತ್ತವೆ. ಧರ್ಮದ
ನಶೆಯಲ್ಲಿ ಜನರನ್ನು ತೇಲಾಡಿಸುವುದು ಅವರ ಉದ್ದೇಶ. ಈಗ ಕೇಂದ್ರ ಸರ್ಕಾರ ತಂದಿರುವ ಕಾಯ್ದೆ ತೀಕ್ಷ್ಣವಾಗಿ ಪ್ರತಿಕ್ರಿಯಿಸಿದ ಅವರು ರಾಜ್ಯದಲ್ಲಿ ವಿರೋಧ ನಿರ್ಣಯ ಕೈಗೊಂಡಿದೆ. ಈ ಕಾಯ್ದೆ ಬಗ್ಗೆ ವಿಪರೀತ ಚರ್ಚೆಯಾಗಬೇಕು. ಸಂಸತ್ತಿನಲ್ಲಿ ಚರ್ಚಿಸದೆ ವಿಪಕ್ಷ ಅಭಿಪ್ರಾಯ ಕೇಳದೆ ಜಾರಿ ಮಾಡಿದ್ದಾರೆ. ವಿಶೇಷ ಅಧಿವೇಶನ ಕರೆದು ಚರ್ಚೆ ಮಾಡಬೇಕು. ನಾವು ಮತ್ತು ನಮ್ಮ ಸರ್ಕಾರ ಇದರ ಜೊತೆಗೆ ಕಾನೂನು ಹೋರಾಟ
ರೂಪಿಸಲಾಗುತ್ತಿದೆ. ರಾಜ್ಯ ಸರ್ಕಾರ ದೊಂದಿಗೆ ಮಹಿಳಾ ಸಂಘಟನೆಗಳು, ಕೂಲಿ ಕಾರ್ಮಿಕರ ಸಂಘಟನೆಗಳು ಕೈಜೋಡಿಸಲು ಮುಂದಾಗಿವೆ. ಮೂರು ಕೃಷಿಕಾಯ್ದೆಗಳು ವಾಪಸ್ ಪಡೆದಂತೆ ಇದು ಕೂಡಾ ವಾಪಸ್ ಪಡೆಯುವ ಹಾಗೆ ಮಾಡುತ್ತೇವೆ ಎಂದರು. ಈ ಹಿಂದಿನ ನರೇಗಾ ಯೋಜನೆಯಲ್ಲಿ ಅವ್ಯವಹಾರ ಆಗಿದ್ದು, ಅದಕ್ಕೆ ಹೊಸ ಕಾಯ್ದೆಯನ್ನು ತಡೆಯಲು ಜಾರಿಯಾಗಿದ್ದು, ಹಾಗಾಗಿ ಕಾಂಗ್ರೆಸ್
ವಿರೋಧಿಸುತ್ತಿದೆ ಎಂದು ಬಿಜೆಪಿ ಹೇಳುತ್ತಿರುವುದರ ಕುರಿತು ಪ್ರಶ್ನಿಸಿದಾಗ ದೇಶಕ್ಕೆ ಸುಮಾರು12 ಕೋಟಿ ಕಾರ್ಮಿಕರು ಕೆಲಸ ಮಾಡುವಂತ ಯೋಜನೆ. ಸಾವಿರಾರು ಕುಟುಂಬಗಳು ಜೀವನ ನಿರ್ವಹಣೆ ನಡೆಯುತ್ತಿತ್ತು. ಅಂತಹ ಬೃಹತ್ ಯೋಜನೆಯಲ್ಲಿ ಎಲ್ಲೋ ಒಂದೆರಡು ಕಡೆ ತಪ್ಪುಗಳಾಗಿದ್ದಾಗ ಇಡೀ ಯೋಜನೆಯನ್ನೇ ರದ್ದು ಗೊಳಿಸಬೇಕೇ? ನೋಡಿ ಬಂದರೆ ಮುಗ್ಗಟ್ಟು ಕತ್ತರಿಸಿಕೊಳ್ಳಬೇಕೆ? ಪ್ರಧಾನ ಮಂತ್ರಿ ಕೌಶಲ್ಯ ಯೋಜನೆಯಲ್ಲಿ ಸುಮಾರು 14,500 ಕೋಟಿ ಅವ್ಯವಹಾರವಾಗಿದೆ ಎಂದು ವರದಿ ಹೇಳುತ್ತಿದೆ. ಹಾಗಾದರೆ, ಅದನ್ನು ಯಾಕೆ ರದ್ದು ಮಾಡಿಲ್ಲ ಎಂದು ಪ್ರಶ್ನಿಸಿದರು. ಕಳೆದ 20 ವರ್ಷದಿಂದ ನರೇಗಾ ಕಾಯ್ದೆ ಜಾರಿಗೆ ಬಂದಿದೆ. ಇದರ ಕಳೆದ 11 ವರ್ಷದಿಂದಲೂ ಅಧಿಕಾರದಲ್ಲಿರುವ ಭ್ರಷ್ಟಾಚಾರ ನಡೆದಿದ್ದರೆ ಆಗ ಏನೋ ಮಾಡಿದ್ದಾರೆ ಏನು ಕ್ರಮ ಕೈಗೊಂಡಿದ್ದಾರೆ? ಆಗಲಿಂದಲೂ ಇದರಲ್ಲಿ ಪಾಲೂ ಹೋಗಿದ್ದಾ ಅಥವಾ ಹೋಗಿರುವ
ಪಾಲು ಕಡಿಮೆಯಾಗಿತ್ತಾ ಎಂದು ಪ್ರಶ್ನಿಸಿದರು. ಪದವಿ ನಂತರ ಕ್ರಮ : ಯಾದಗಿರಿಯಲ್ಲಿ ಕ್ರಿಶ್ಚಿಯನ್ ಧರ್ಮಗುರುಗಳ ಕಟ್ಟಡದ ಮೇಲೆ ಪ್ರತಿಭಟನೆ ಮಾಡಿದ್ದು ನಂತರ ಅವರ ಮೇಲೆ ಕೇಸ್ ದಾಖಲಾಗಿರುವ ಬಗ್ಗೆ ಮತ್ತು ಸಂಗೀತಗಾರರ ಉಪಕರಣಗಳನ್ನು ಒಡೆದು ಹಾಕಿದ ಘಟನೆ ಬಗ್ಗೆ ಕೇಳಿದ್ದಾಗ, ಈ ಬಗ್ಗೆ ವರದಿ ತರಿಸಿಕೊಂಡು ಮುಂದಿನ ಕ್ರಮ ಕೈಗೊಳ್ಳಲಾಗುವುದು ಎಂದರು. ರಾಜಕೀಯ ದುರುದ್ದೇಶದಿಂದ ಬಿಲ್ ತಡೆಯುವುದು ಸರಿಯಲ್ಲ : ದ್ವೇಷ ಭಾಷಣ ವಿರುದ್ಧದ ಬಿಲ್ ರಾಜ್ಯಪಾಲರ ಬಳಿ ಇರುವ ಕುರಿತು ಪ್ರಶ್ನಿಸಿದಾಗ, ಸರ್ಕಾರದ ಬಿಲ್ ಗಳನ್ನು ಕಾನೂನಾಗಿ ಕಳುಹಿಸಲು ಅವರ ಬಳಿ ಇದೆ. ಸರ್ಕಾರಕ್ಕೆ ವಾಪಸ್ ಕಳುಹಿಸಿ ಸುಮಾರು ವರ್ಷಗಳೇ ಕಳೆದರೂ ಸ್ಪಂದನೆ ಇಲ್ಲ. ರಾಜಕೀಯ ದುರುದ್ದೇಶದಿಂದ ತಡೆಹಿಡಿಯುವುದು ಸರಿಯಲ್ಲ ಎಂದ ಸಚಿವರು ಹೇಳಿದರು.
